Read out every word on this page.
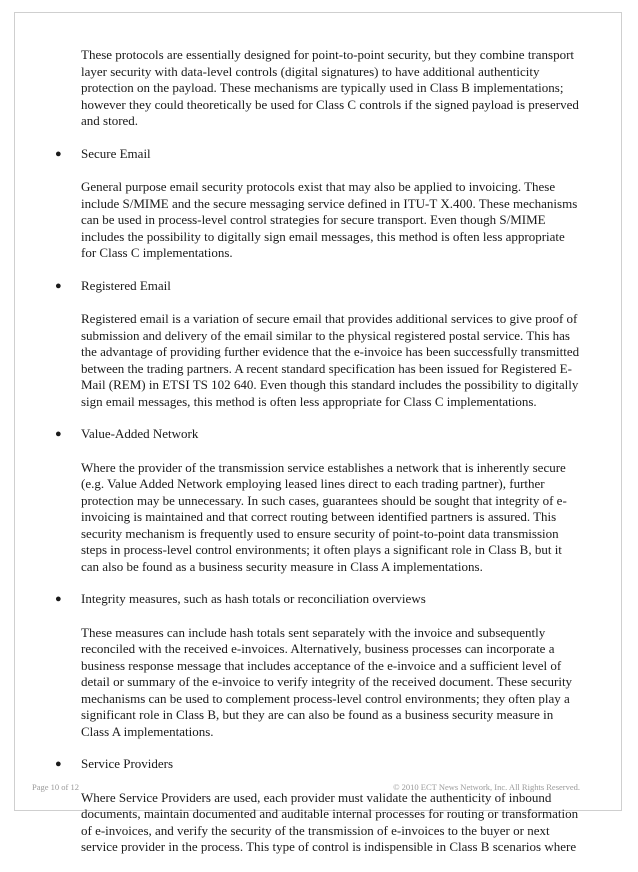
These protocols are essentially designed for point-to-point security, but they combine transport layer security with data-level controls (digital signatures) to have additional authenticity protection on the payload. These mechanisms are typically used in Class B implementations; however they could theoretically be used for Class C controls if the signed payload is preserved and stored.

● Secure Email

General purpose email security protocols exist that may also be applied to invoicing. These include S/MIME and the secure messaging service defined in ITU-T X.400. These mechanisms can be used in process-level control strategies for secure transport. Even though S/MIME includes the possibility to digitally sign email messages, this method is often less appropriate for Class C implementations.

● Registered Email

Registered email is a variation of secure email that provides additional services to give proof of submission and delivery of the email similar to the physical registered postal service. This has the advantage of providing further evidence that the e-invoice has been successfully transmitted between the trading partners. A recent standard specification has been issued for Registered E-Mail (REM) in ETSI TS 102 640. Even though this standard includes the possibility to digitally sign email messages, this method is often less appropriate for Class C implementations.

● Value-Added Network

Where the provider of the transmission service establishes a network that is inherently secure (e.g. Value Added Network employing leased lines direct to each trading partner), further protection may be unnecessary. In such cases, guarantees should be sought that integrity of e-invoicing is maintained and that correct routing between identified partners is assured. This security mechanism is frequently used to ensure security of point-to-point data transmission steps in process-level control environments; it often plays a significant role in Class B, but it can also be found as a business security measure in Class A implementations.

● Integrity measures, such as hash totals or reconciliation overviews

These measures can include hash totals sent separately with the invoice and subsequently reconciled with the received e-invoices. Alternatively, business processes can incorporate a business response message that includes acceptance of the e-invoice and a sufficient level of detail or summary of the e-invoice to verify integrity of the received document. These security mechanisms can be used to complement process-level control environments; they often play a significant role in Class B, but they are can also be found as a business security measure in Class A implementations.

● Service Providers

Where Service Providers are used, each provider must validate the authenticity of inbound documents, maintain documented and auditable internal processes for routing or transformation of e-invoices, and verify the security of the transmission of e-invoices to the buyer or next service provider in the process. This type of control is indispensible in Class B scenarios where

Page 10 of 12	© 2010 ECT News Network, Inc. All Rights Reserved.
